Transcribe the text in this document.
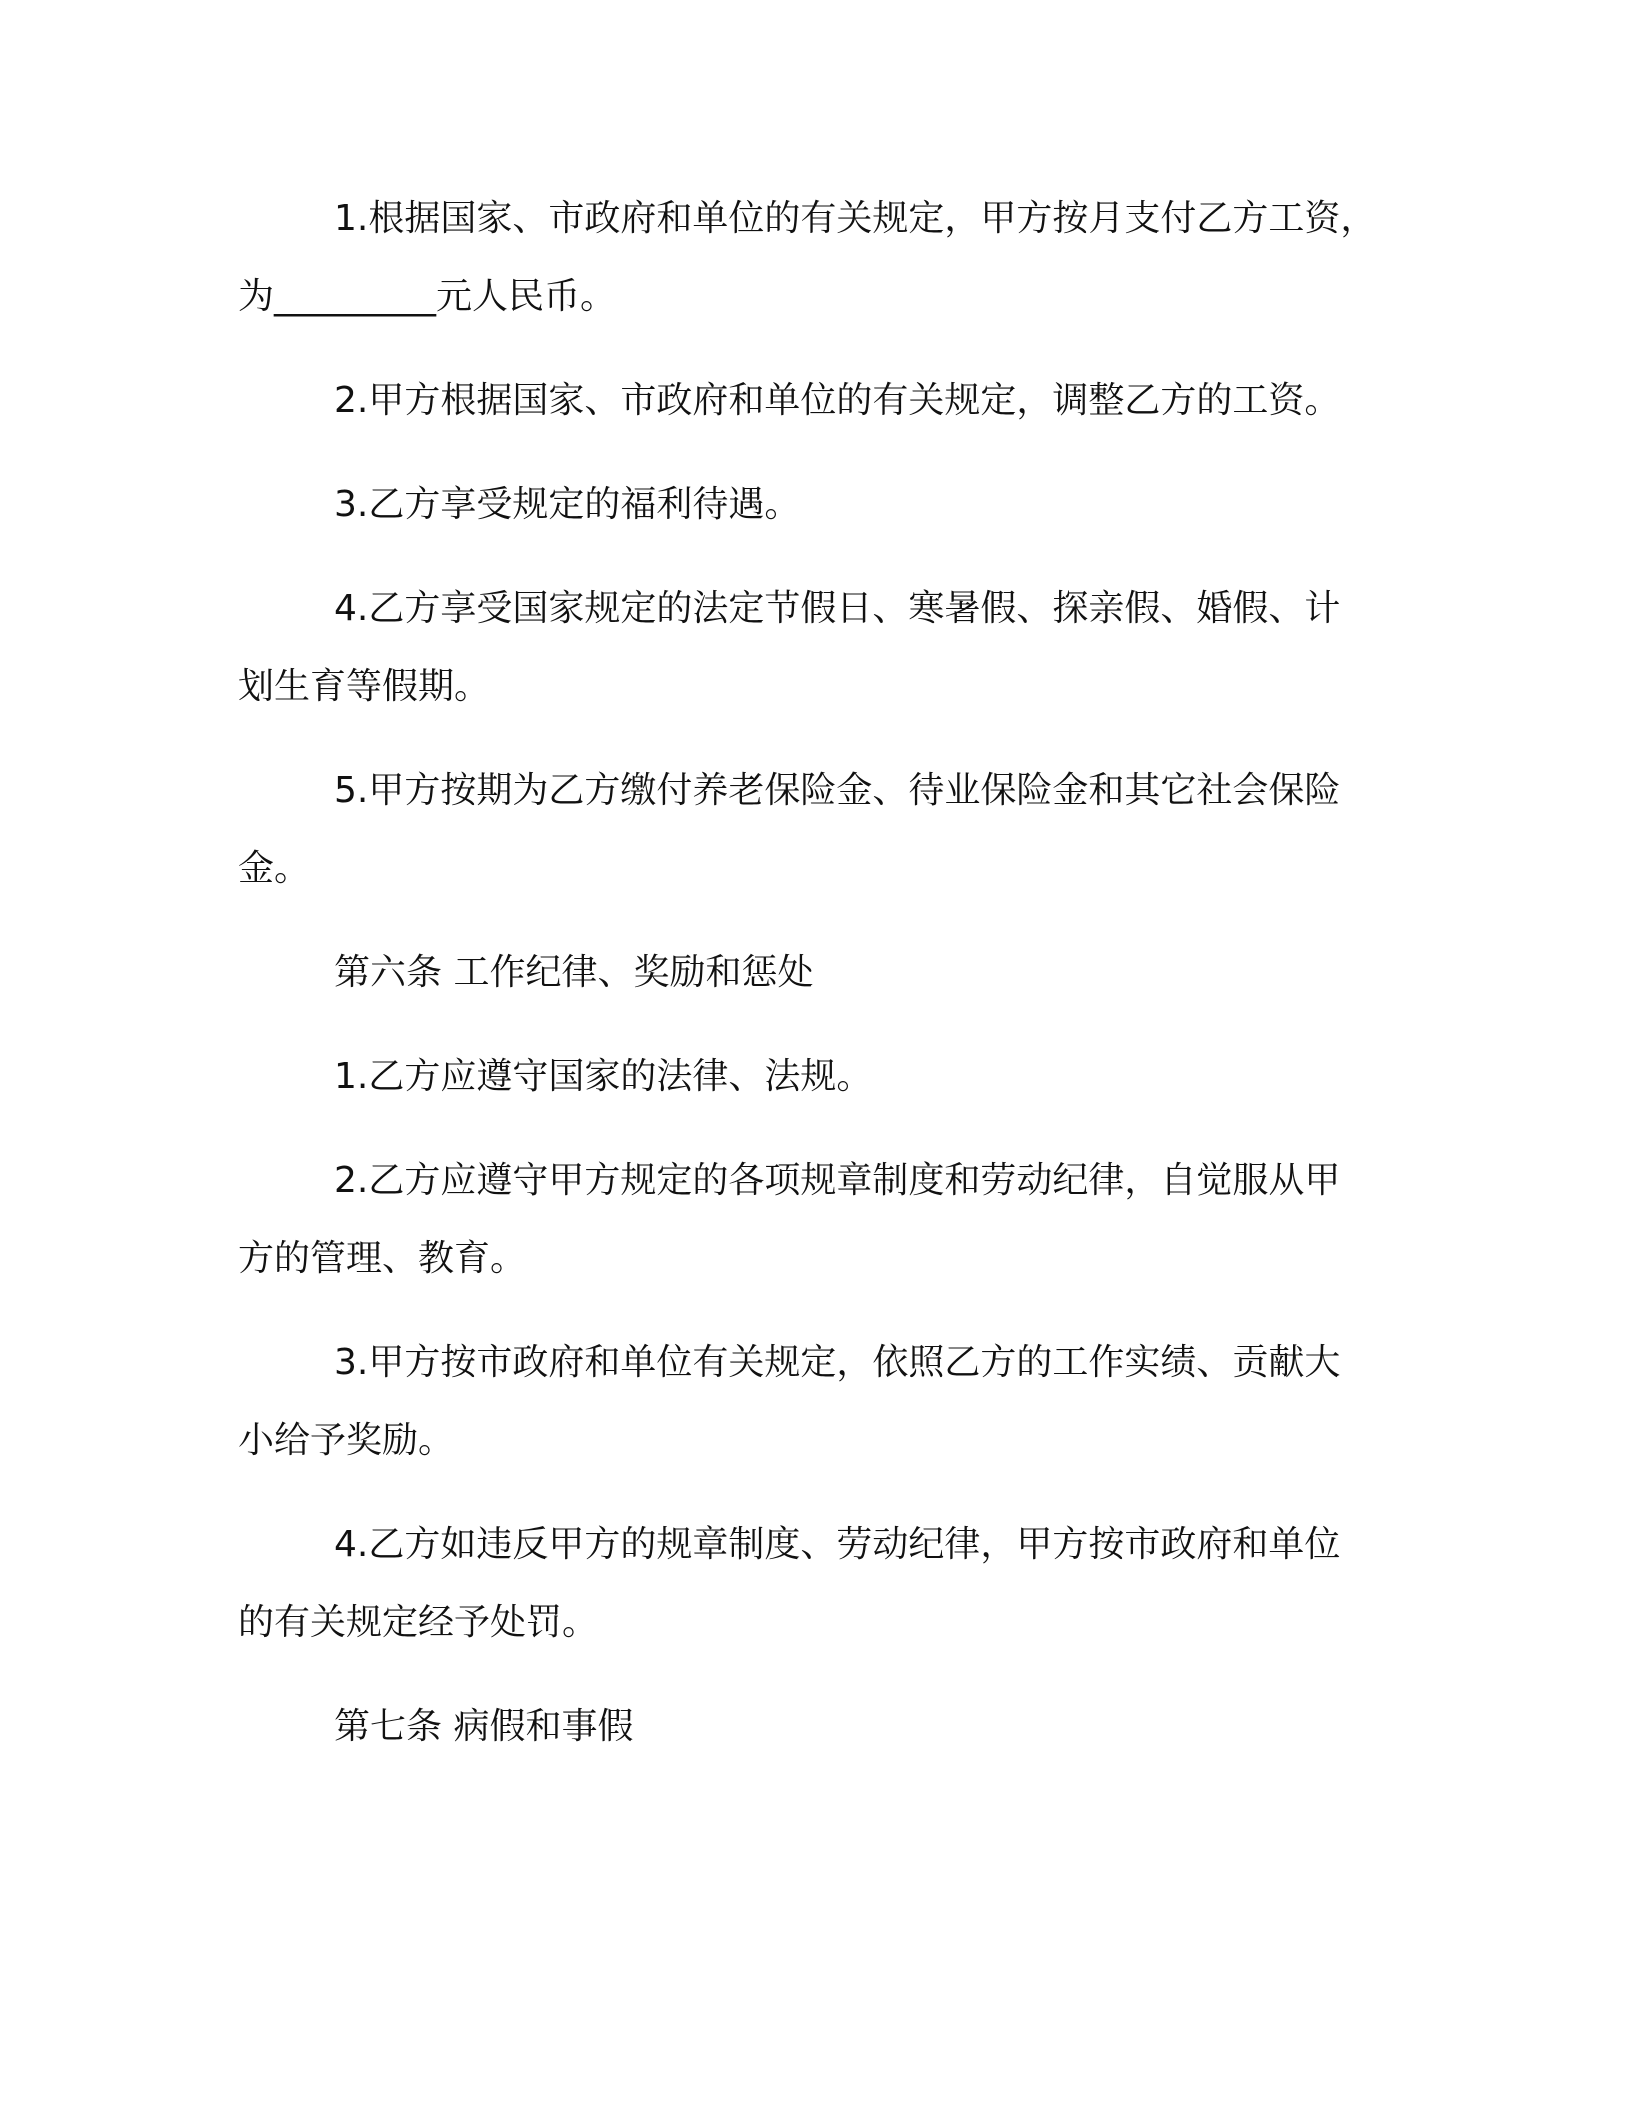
1.根据国家、市政府和单位的有关规定，甲方按月支付乙方工资，
为_________元人民币。
2.甲方根据国家、市政府和单位的有关规定，调整乙方的工资。
3.乙方享受规定的福利待遇。
4.乙方享受国家规定的法定节假日、寒暑假、探亲假、婚假、计
划生育等假期。
5.甲方按期为乙方缴付养老保险金、待业保险金和其它社会保险
金。
第六条 工作纪律、奖励和惩处
1.乙方应遵守国家的法律、法规。
2.乙方应遵守甲方规定的各项规章制度和劳动纪律，自觉服从甲
方的管理、教育。
3.甲方按市政府和单位有关规定，依照乙方的工作实绩、贡献大
小给予奖励。
4.乙方如违反甲方的规章制度、劳动纪律，甲方按市政府和单位
的有关规定经予处罚。
第七条 病假和事假
